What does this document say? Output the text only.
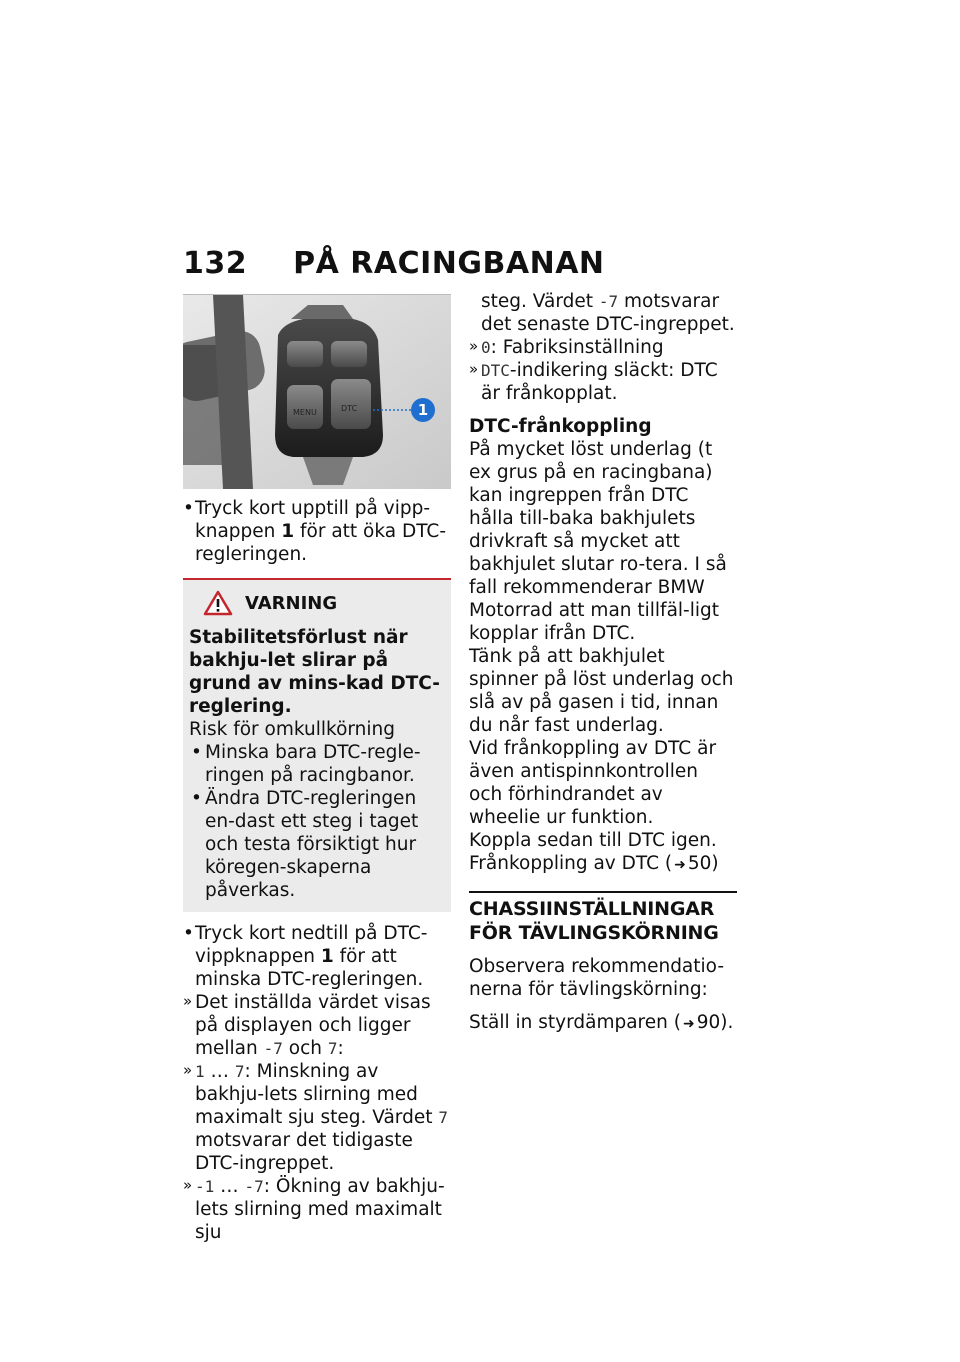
132 PÅ RACINGBANAN
MENU	DTC	1

• Tryck kort upptill på vipp-knappen 1 för att öka DTC-regleringen.

VARNING

Stabilitetsförlust när bakhju-let slirar på grund av mins-kad DTC-reglering.

Risk för omkullkörning

• Minska bara DTC-regle-ringen på racingbanor.

• Ändra DTC-regleringen en-dast ett steg i taget och testa försiktigt hur köregen-skaperna påverkas.

• Tryck kort nedtill på DTC-vippknappen 1 för att minska DTC-regleringen.

» Det inställda värdet visas på displayen och ligger mellan -7 och 7:

» 1 … 7: Minskning av bakhju-lets slirning med maximalt sju steg. Värdet 7 motsvarar det tidigaste DTC-ingreppet.

» -1 … -7: Ökning av bakhju-lets slirning med maximalt sju

steg. Värdet -7 motsvarar det senaste DTC-ingreppet.

» 0: Fabriksinställning

» DTC-indikering släckt: DTC är frånkopplat.

DTC-frånkoppling

På mycket löst underlag (t ex grus på en racingbana) kan ingreppen från DTC hålla till-baka bakhjulets drivkraft så mycket att bakhjulet slutar ro-tera. I så fall rekommenderar BMW Motorrad att man tillfäl-ligt kopplar ifrån DTC.

Tänk på att bakhjulet spinner på löst underlag och slå av på gasen i tid, innan du når fast underlag.

Vid frånkoppling av DTC är även antispinnkontrollen och förhindrandet av wheelie ur funktion.

Koppla sedan till DTC igen.

Frånkoppling av DTC ( ➜ 50)

CHASSIINSTÄLLNINGAR FÖR TÄVLINGSKÖRNING

Observera rekommendatio-nerna för tävlingskörning:

Ställ in styrdämparen ( ➜ 90).
